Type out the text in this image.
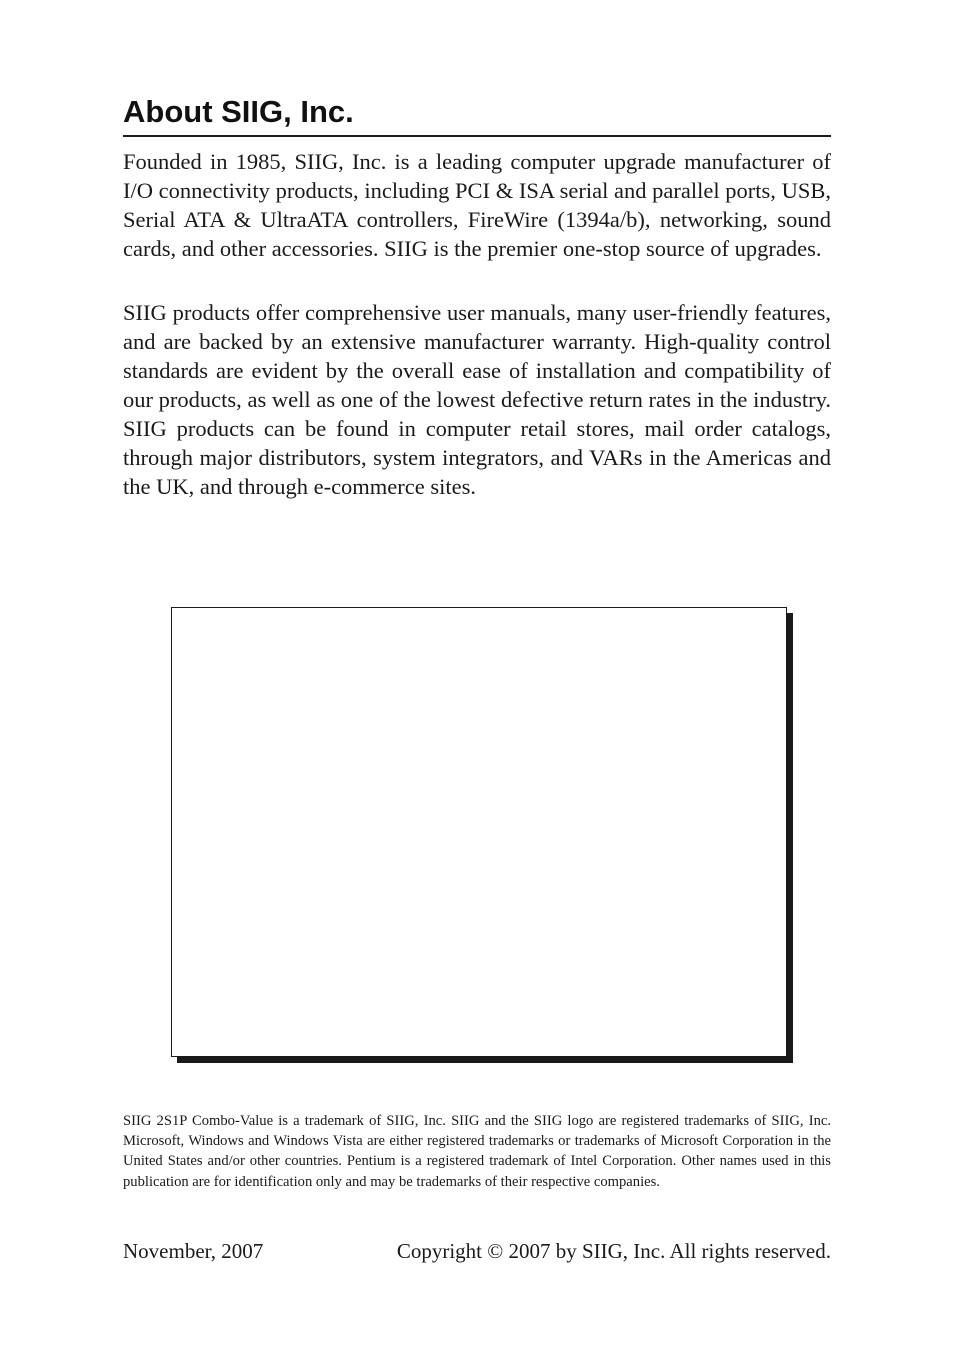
About SIIG, Inc.

Founded in 1985, SIIG, Inc. is a leading computer upgrade manufacturer of I/O connectivity products, including PCI & ISA serial and parallel ports, USB, Serial ATA & UltraATA controllers, FireWire (1394a/b), networking, sound cards, and other accessories. SIIG is the premier one-stop source of upgrades.

SIIG products offer comprehensive user manuals, many user-friendly features, and are backed by an extensive manufacturer warranty. High-quality control standards are evident by the overall ease of installation and compatibility of our products, as well as one of the lowest defective return rates in the industry. SIIG products can be found in computer retail stores, mail order catalogs, through major distributors, system integrators, and VARs in the Americas and the UK, and through e-commerce sites.

SIIG 2S1P Combo-Value is a trademark of SIIG, Inc. SIIG and the SIIG logo are registered trademarks of SIIG, Inc. Microsoft, Windows and Windows Vista are either registered trademarks or trademarks of Microsoft Corporation in the United States and/or other countries. Pentium is a registered trademark of Intel Corporation. Other names used in this publication are for identification only and may be trademarks of their respective companies.

November, 2007	Copyright © 2007 by SIIG, Inc. All rights reserved.
